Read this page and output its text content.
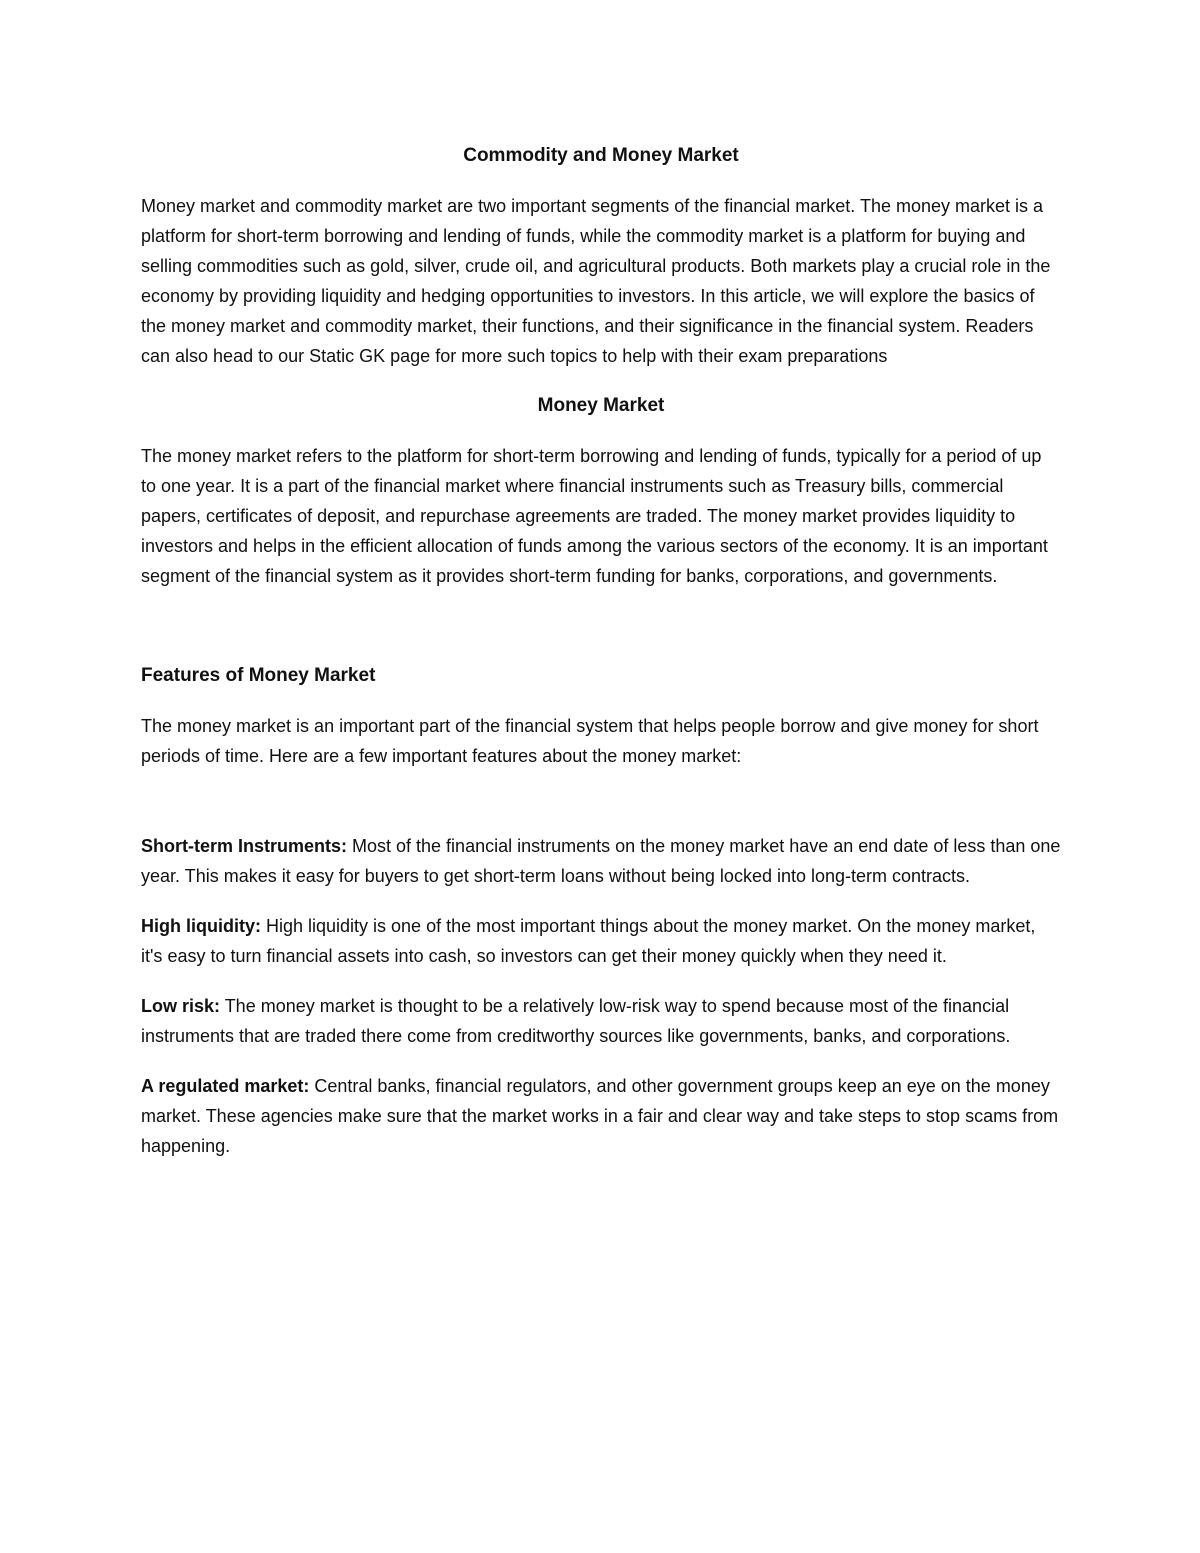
Commodity and Money Market

Money market and commodity market are two important segments of the financial market. The money market is a platform for short-term borrowing and lending of funds, while the commodity market is a platform for buying and selling commodities such as gold, silver, crude oil, and agricultural products. Both markets play a crucial role in the economy by providing liquidity and hedging opportunities to investors. In this article, we will explore the basics of the money market and commodity market, their functions, and their significance in the financial system. Readers can also head to our Static GK page for more such topics to help with their exam preparations

Money Market

The money market refers to the platform for short-term borrowing and lending of funds, typically for a period of up to one year. It is a part of the financial market where financial instruments such as Treasury bills, commercial papers, certificates of deposit, and repurchase agreements are traded. The money market provides liquidity to investors and helps in the efficient allocation of funds among the various sectors of the economy. It is an important segment of the financial system as it provides short-term funding for banks, corporations, and governments.

Features of Money Market

The money market is an important part of the financial system that helps people borrow and give money for short periods of time. Here are a few important features about the money market:

Short-term Instruments: Most of the financial instruments on the money market have an end date of less than one year. This makes it easy for buyers to get short-term loans without being locked into long-term contracts.

High liquidity: High liquidity is one of the most important things about the money market. On the money market, it's easy to turn financial assets into cash, so investors can get their money quickly when they need it.

Low risk: The money market is thought to be a relatively low-risk way to spend because most of the financial instruments that are traded there come from creditworthy sources like governments, banks, and corporations.

A regulated market: Central banks, financial regulators, and other government groups keep an eye on the money market. These agencies make sure that the market works in a fair and clear way and take steps to stop scams from happening.
